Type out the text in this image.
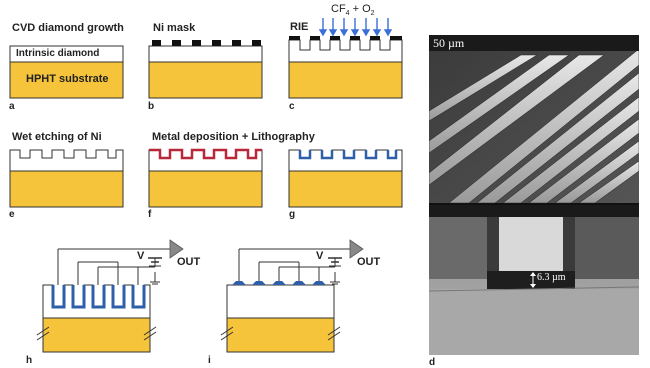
CVD diamond growth
Intrinsic diamond
HPHT substrate
Ni mask	RIE
$CF_4 + O_2$
Wet etching of Ni	Metal deposition + Lithography
V	OUT	V	OUT
a	b	c
e	f	g
h	i	d
50 µm
6.3 µm
